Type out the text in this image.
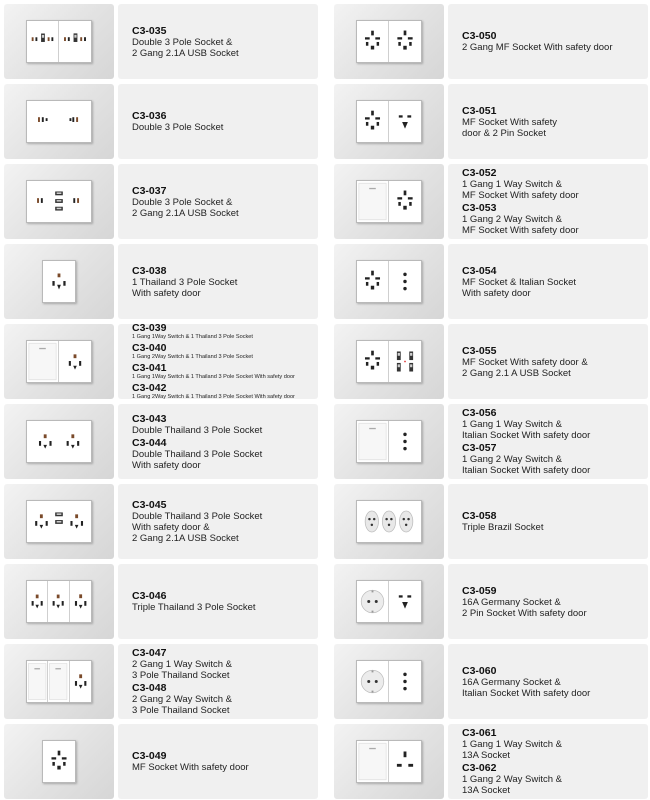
C3-035
Double 3 Pole Socket &
2 Gang 2.1A USB Socket
C3-036
Double 3 Pole Socket
C3-037
Double 3 Pole Socket &
2 Gang 2.1A USB Socket
C3-038
1 Thailand 3 Pole Socket
With safety door
C3-039
1 Gang 1Way Switch & 1 Thailand 3 Pole Socket
C3-040
1 Gang 2Way Switch & 1 Thailand 3 Pole Socket
C3-041
1 Gang 1Way Switch & 1 Thailand 3 Pole Socket With safety door
C3-042
1 Gang 2Way Switch & 1 Thailand 3 Pole Socket With safety door
C3-043
Double Thailand 3 Pole Socket
C3-044
Double Thailand 3 Pole Socket
With safety door
C3-045
Double Thailand 3 Pole Socket
With safety door &
2 Gang 2.1A USB Socket
C3-046
Triple Thailand 3 Pole Socket
C3-047
2 Gang 1 Way Switch &
3 Pole Thailand Socket
C3-048
2 Gang 2 Way Switch &
3 Pole Thailand Socket
C3-049
MF Socket With safety door
C3-050
2 Gang MF Socket With safety door
C3-051
MF Socket With safety
door & 2 Pin Socket
C3-052
1 Gang 1 Way Switch &
MF Socket With safety door
C3-053
1 Gang 2 Way Switch &
MF Socket With safety door
C3-054
MF Socket & Italian Socket
With safety door
C3-055
MF Socket With safety door &
2 Gang 2.1 A USB Socket
C3-056
1 Gang 1 Way Switch &
Italian Socket With safety door
C3-057
1 Gang 2 Way Switch &
Italian Socket With safety door
C3-058
Triple Brazil Socket
C3-059
16A Germany Socket &
2 Pin Socket With safety door
C3-060
16A Germany Socket &
Italian Socket With safety door
C3-061
1 Gang 1 Way Switch &
13A Socket
C3-062
1 Gang 2 Way Switch &
13A Socket
